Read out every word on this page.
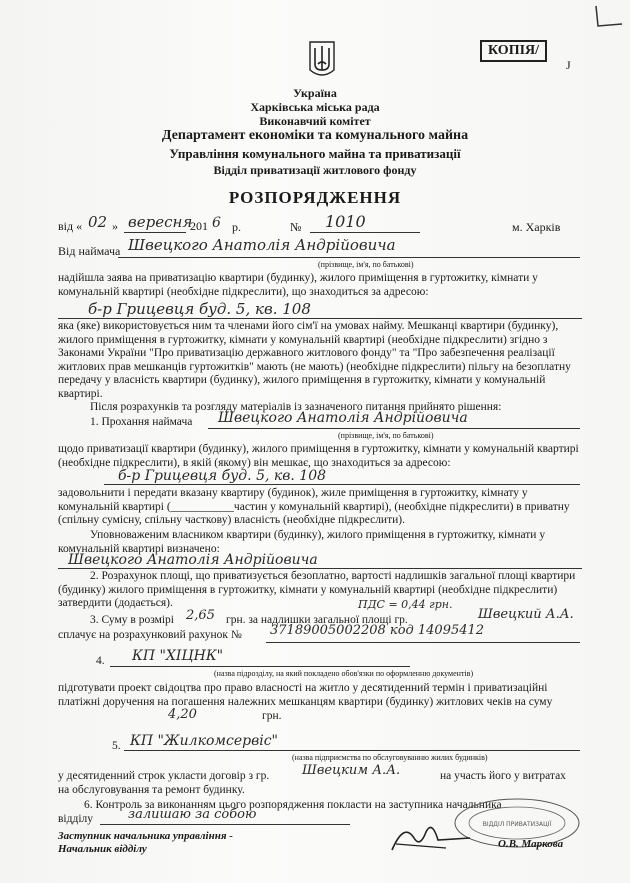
КОПІЯ/
Ј
Україна
Харківська міська рада
Виконавчий комітет
Департамент економіки та комунального майна
Управління комунального майна та приватизації
Відділ приватизації житлового фонду
РОЗПОРЯДЖЕННЯ
від « 02 » вересня
201 6 р.	№ 1010	м. Харків
Від наймача Швецкого Анатолія Андрійовича
(прізвище, ім'я, по батькові)
надійшла заява на приватизацію квартири (будинку), жилого приміщення в гуртожитку, кімнати у комунальній квартирі (необхідне підкреслити), що знаходиться за адресою:
б-р Грицевця буд. 5, кв. 108
яка (яке) використовується ним та членами його сім'ї на умовах найму. Мешканці квартири (будинку), жилого приміщення в гуртожитку, кімнати у комунальній квартирі (необхідне підкреслити) згідно з Законами України "Про приватизацію державного житлового фонду" та "Про забезпечення реалізації житлових прав мешканців гуртожитків" мають (не мають) (необхідне підкреслити) пільгу на безоплатну передачу у власність квартири (будинку), жилого приміщення в гуртожитку, кімнати у комунальній квартирі.
Після розрахунків та розгляду матеріалів із зазначеного питання прийнято рішення:
1. Прохання наймача Швецкого Анатолія Андрійовича
(прізвище, ім'я, по батькові)
щодо приватизації квартири (будинку), жилого приміщення в гуртожитку, кімнати у комунальній квартирі (необхідне підкреслити), в якій (якому) він мешкає, що знаходиться за адресою:
б-р Грицевця буд. 5, кв. 108
задовольнити і передати вказану квартиру (будинок), жиле приміщення в гуртожитку, кімнату у комунальній квартирі (___________частин у комунальній квартирі), (необхідне підкреслити) в приватну (спільну сумісну, спільну часткову) власність (необхідне підкреслити).
Уповноваженим власником квартири (будинку), жилого приміщення в гуртожитку, кімнати у комунальній квартирі визначено:
Швецкого Анатолія Андрійовича
2. Розрахунок площі, що приватизується безоплатно, вартості надлишків загальної площі квартири (будинку) жилого приміщення в гуртожитку, кімнати у комунальній квартирі (необхідне підкреслити) затвердити (додається).	ПДС = 0,44 грн.
3. Суму в розмірі 2,65 грн. за надлишки загальної площі гр.	Швецкий А.А.
сплачує на розрахунковий рахунок № 37189005002208 код 14095412
4. КП "ХІЦНК"
(назва підрозділу, на який покладено обов'язки по оформленню документів)
підготувати проект свідоцтва про право власності на житло у десятиденний термін і приватизаційні платіжні доручення на погашення належних мешканцям квартири (будинку) житлових чеків на суму
4,20	грн.
5. КП "Жилкомсервіс"
(назва підприємства по обслуговуванню жилих будинків)
у десятиденний строк укласти договір з гр.	Швецким А.А.	на участь його у витратах
на обслуговування та ремонт будинку.
6. Контроль за виконанням цього розпорядження покласти на заступника начальника
відділу	залишаю за собою
Заступник начальника управління -
Начальник відділу
ВІДДІЛ ПРИВАТИЗАЦІЇ
О.В. Маркова
